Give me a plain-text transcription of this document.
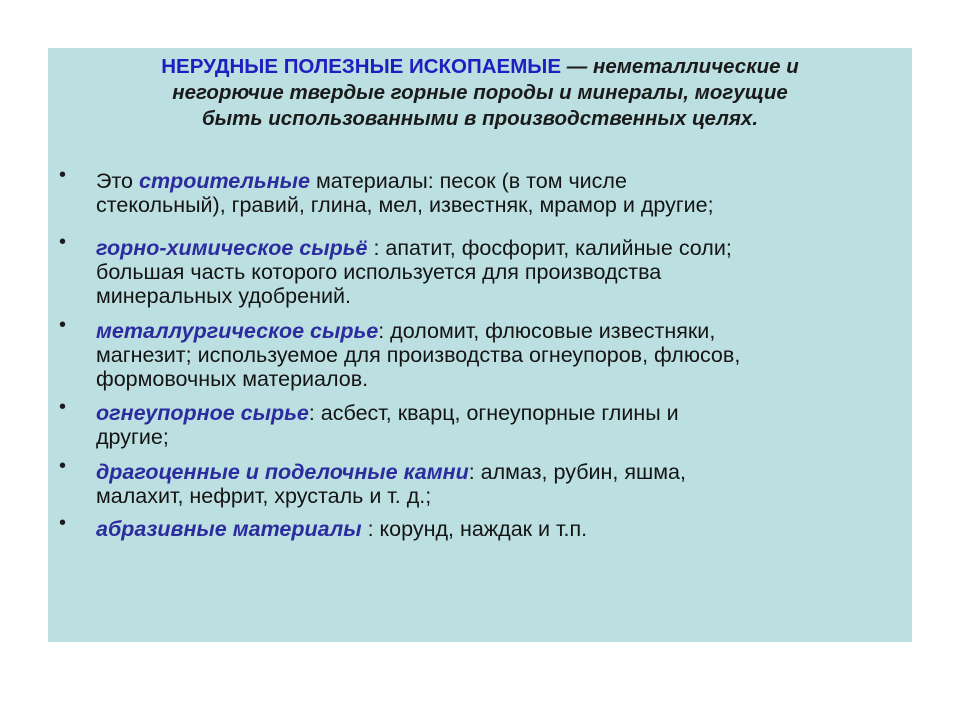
НЕРУДНЫЕ ПОЛЕЗНЫЕ ИСКОПАЕМЫЕ — неметаллические и
негорючие твердые горные породы и минералы, могущие
быть использованными в производственных целях.
• Это строительные материалы: песок (в том числе
стекольный), гравий, глина, мел, известняк, мрамор и другие;
• горно-химическое сырьё : апатит, фосфорит, калийные соли;
большая часть которого используется для производства
минеральных удобрений.
• металлургическое сырье: доломит, флюсовые известняки,
магнезит; используемое для производства огнеупоров, флюсов,
формовочных материалов.
• огнеупорное сырье: асбест, кварц, огнеупорные глины и
другие;
• драгоценные и поделочные камни: алмаз, рубин, яшма,
малахит, нефрит, хрусталь и т. д.;
• абразивные материалы : корунд, наждак и т.п.
